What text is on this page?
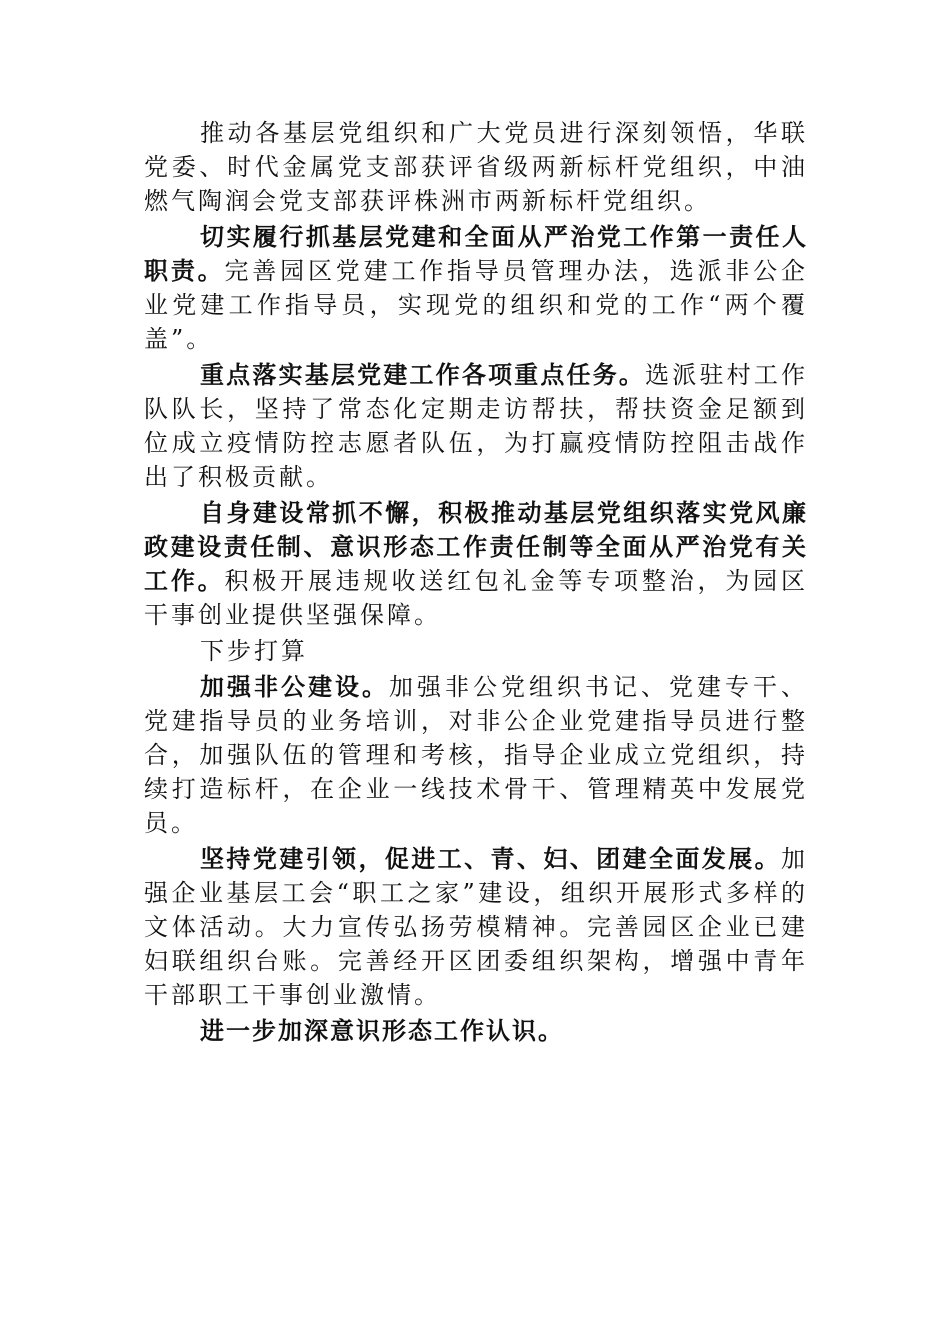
推动各基层党组织和广大党员进行深刻领悟，华联党委、时代金属党支部获评省级两新标杆党组织，中油燃气陶润会党支部获评株洲市两新标杆党组织。

切实履行抓基层党建和全面从严治党工作第一责任人职责。完善园区党建工作指导员管理办法，选派非公企业党建工作指导员，实现党的组织和党的工作“两个覆盖”。

重点落实基层党建工作各项重点任务。选派驻村工作队队长，坚持了常态化定期走访帮扶，帮扶资金足额到位成立疫情防控志愿者队伍，为打赢疫情防控阻击战作出了积极贡献。

自身建设常抓不懈，积极推动基层党组织落实党风廉政建设责任制、意识形态工作责任制等全面从严治党有关工作。积极开展违规收送红包礼金等专项整治，为园区干事创业提供坚强保障。

下步打算

加强非公建设。加强非公党组织书记、党建专干、党建指导员的业务培训，对非公企业党建指导员进行整合，加强队伍的管理和考核，指导企业成立党组织，持续打造标杆，在企业一线技术骨干、管理精英中发展党员。

坚持党建引领，促进工、青、妇、团建全面发展。加强企业基层工会“职工之家”建设，组织开展形式多样的文体活动。大力宣传弘扬劳模精神。完善园区企业已建妇联组织台账。完善经开区团委组织架构，增强中青年干部职工干事创业激情。

进一步加深意识形态工作认识。
